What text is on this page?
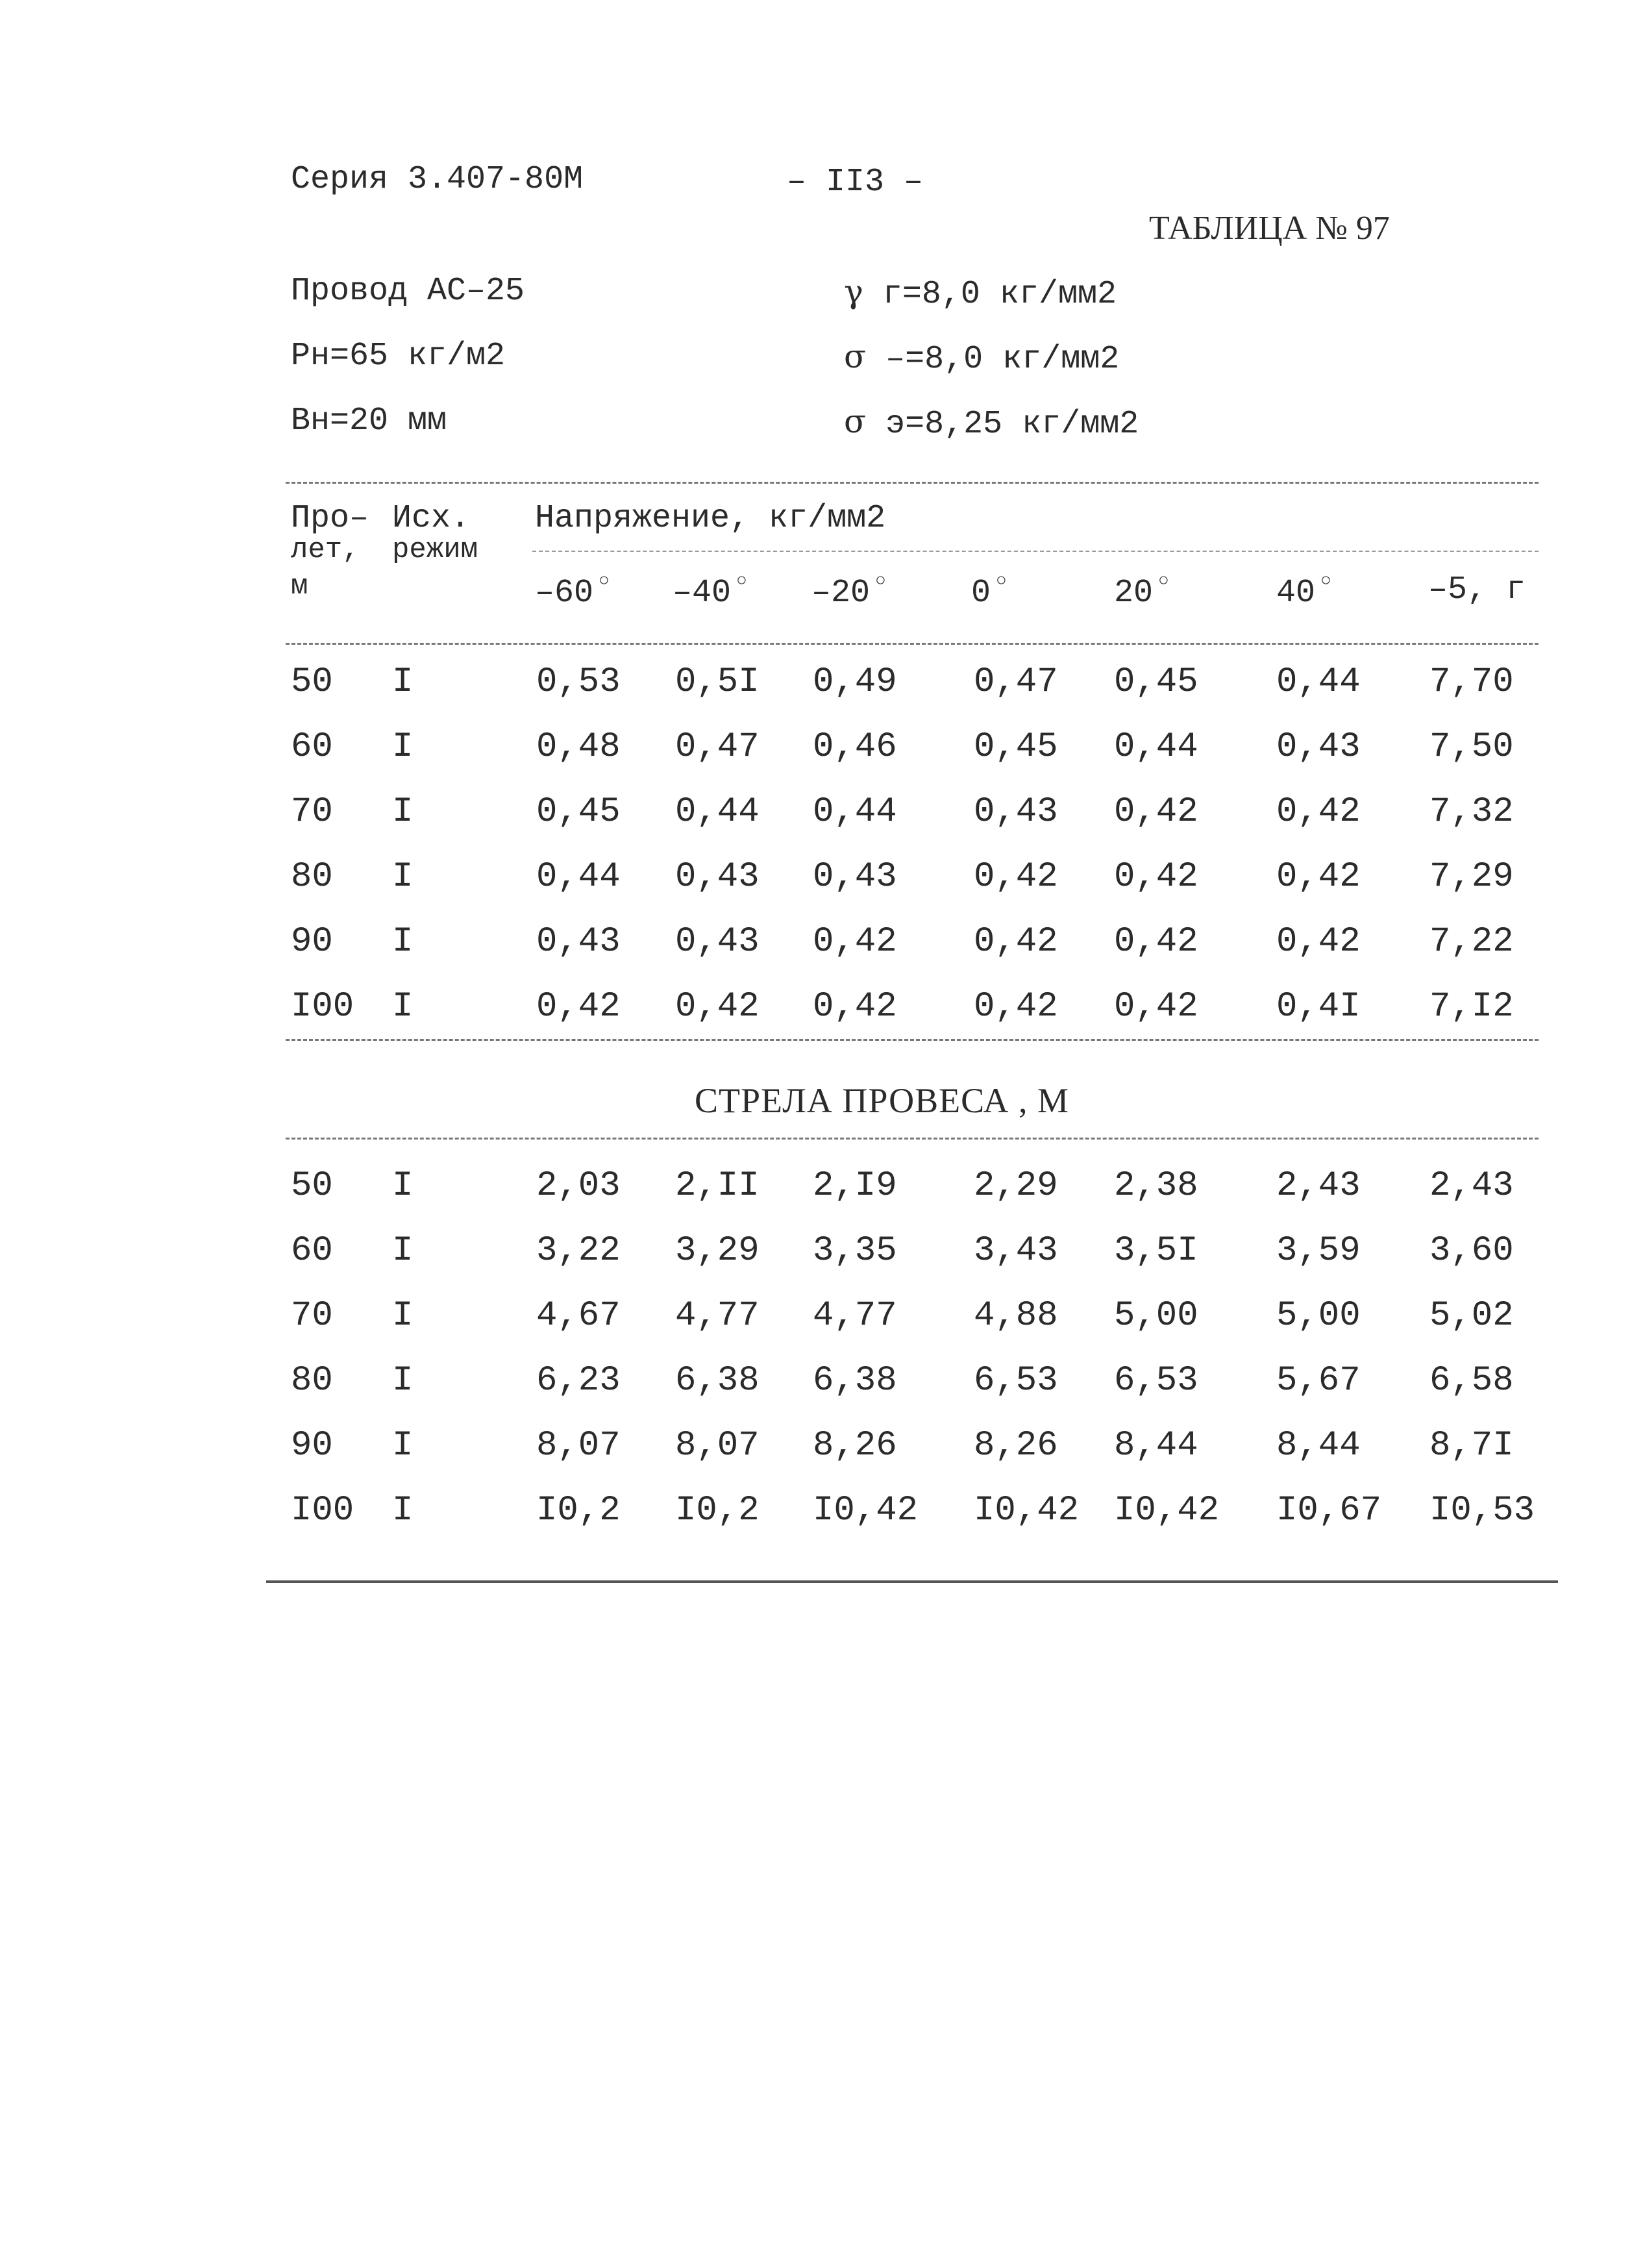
Серия 3.407-80М	– II3 –
ТАБЛИЦА № 97
Провод АС–25
Рн=65 кг/м2
Вн=20 мм
γ г=8,0 кг/мм2
σ –=8,0 кг/мм2
σ э=8,25 кг/мм2
Про–
лет,
м
Исх.
режим
Напряжение, кг/мм2
–60 ○ –40 ○ –20 ○	0 ○	20 ○	40 ○	–5, г
50 I	0,53 0,5I 0,49 0,47 0,45 0,44 7,70
60 I	0,48 0,47 0,46 0,45 0,44 0,43 7,50
70 I	0,45 0,44 0,44 0,43 0,42 0,42 7,32
80 I	0,44 0,43 0,43 0,42 0,42 0,42 7,29
90 I	0,43 0,43 0,42 0,42 0,42 0,42 7,22
I00 I	0,42 0,42 0,42 0,42 0,42 0,4I 7,I2
СТРЕЛА ПРОВЕСА , М
50 I	2,03 2,II 2,I9 2,29 2,38 2,43 2,43
60 I	3,22 3,29 3,35 3,43 3,5I 3,59 3,60
70 I	4,67 4,77 4,77 4,88 5,00 5,00 5,02
80 I	6,23 6,38 6,38 6,53 6,53 5,67 6,58
90 I	8,07 8,07 8,26 8,26 8,44 8,44 8,7I
I00 I	I0,2 I0,2 I0,42 I0,42 I0,42 I0,67 I0,53
